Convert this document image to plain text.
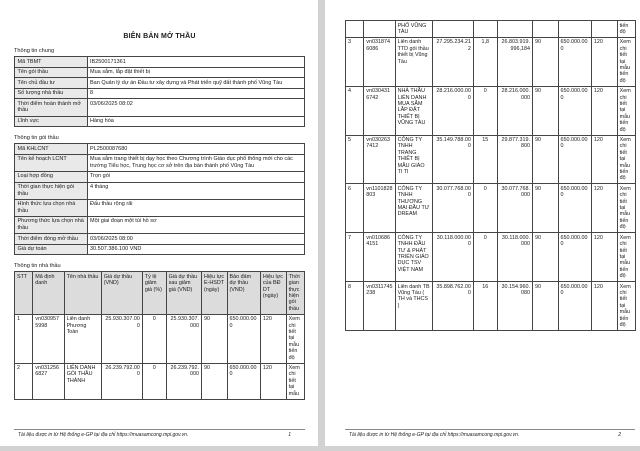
BIÊN BẢN MỞ THẦU
Thông tin chung
Mã TBMT	IB2500171361
Tên gói thầu	Mua sắm, lắp đặt thiết bị
Tên chủ đầu tư	Ban Quản lý dự án Đầu tư xây dựng và Phát triển quỹ đất thành phố Vũng Tàu
Số lượng nhà thầu	8
Thời điểm hoàn thành mở thầu	03/06/2025 08:02
Lĩnh vực	Hàng hóa
Thông tin gói thầu
Mã KHLCNT	PL2500087680
Tên kế hoạch LCNT	Mua sắm trang thiết bị dạy học theo Chương trình Giáo dục phổ thông mới cho các trường Tiểu học, Trung học cơ sở trên địa bàn thành phố Vũng Tàu
Loại hợp đồng	Trọn gói
Thời gian thực hiện gói thầu	4 tháng
Hình thức lựa chọn nhà thầu	Đấu thầu rộng rãi
Phương thức lựa chọn nhà thầu	Một giai đoạn một túi hồ sơ
Thời điểm đóng mở thầu	03/06/2025 08:00
Giá dự toán	30.507.386.100 VND
Thông tin nhà thầu
STT	Mã định danh	Tên nhà thầu	Giá dự thầu (VND)	Tỷ lệ giảm giá (%)	Giá dự thầu sau giảm giá (VND)	Hiệu lực E-HSDT (ngày)	Bảo đảm dự thầu (VND)	Hiệu lực của BĐ DT (ngày)	Thời gian thực hiện gói thầu
1	vn0309575998	Liên danh Phương Toàn	25.930.307.000	0	25.930.307.000	90	650.000.000	120	Xem chi tiết tại mẫu tiến độ
2	vn0312566827	LIÊN DANH GÓI THẦU THÀNH	26.239.792.000	0	26.239.792.000	90	650.000.000	120	Xem chi tiết tại mẫu
Tài liệu được in từ Hệ thống e-GP tại địa chỉ https://muasamcong.mpi.gov.vn.	1
		PHỐ VŨNG TÀU							tiến độ
3	vn0318746086	Liên danh TTD gói thầu thiết bị Vũng Tàu	27.295.234.212	1,8	26.803.919.996,184	90	650.000.000	120	Xem chi tiết tại mẫu tiến độ
4	vn0304316742	NHÀ THẦU LIÊN DANH MUA SẮM LẮP ĐẶT THIẾT BỊ VŨNG TÀU	28.216.000.000	0	28.216.000.000	90	650.000.000	120	Xem chi tiết tại mẫu tiến độ
5	vn0302637412	CÔNG TY TNHH TRANG THIẾT BỊ MẪU GIÁO TI TI	35.149.788.000	15	29.877.319.800	90	650.000.000	120	Xem chi tiết tại mẫu tiến độ
6	vn1101828803	CÔNG TY TNHH THƯƠNG MẠI ĐẦU TƯ DREAM	30.077.768.000	0	30.077.768.000	90	650.000.000	120	Xem chi tiết tại mẫu tiến độ
7	vn0106864151	CÔNG TY TNHH ĐẦU TƯ & PHÁT TRIỂN GIÁO DỤC TSV VIỆT NAM	30.118.000.000	0	30.118.000.000	90	650.000.000	120	Xem chi tiết tại mẫu tiến độ
8	vn0311745238	Liên danh TB Vũng Tàu ( TH và THCS )	35.898.762.000	16	30.154.960.080	90	650.000.000	120	Xem chi tiết tại mẫu tiến độ
Tài liệu được in từ Hệ thống e-GP tại địa chỉ https://muasamcong.mpi.gov.vn.	2
